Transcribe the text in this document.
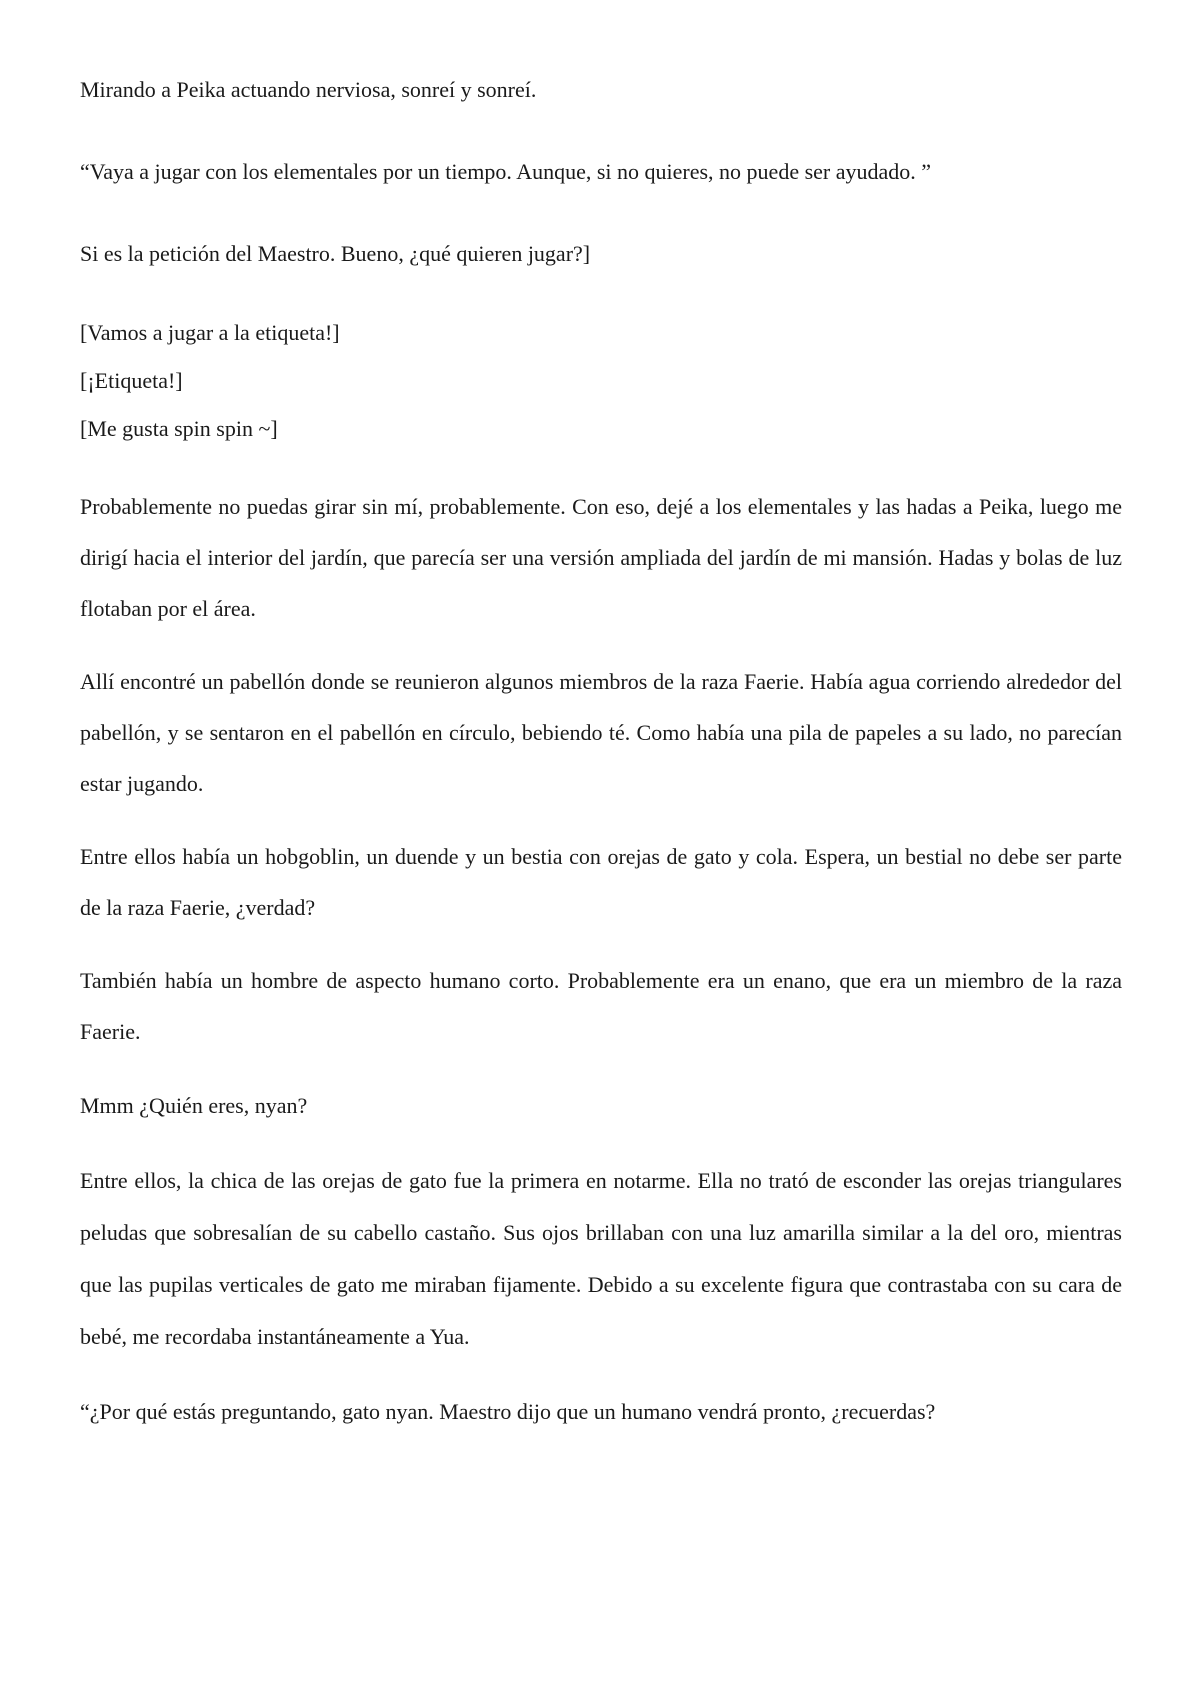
Mirando a Peika actuando nerviosa, sonreí y sonreí.

“Vaya a jugar con los elementales por un tiempo. Aunque, si no quieres, no puede ser ayudado. ”

Si es la petición del Maestro. Bueno, ¿qué quieren jugar?]

[Vamos a jugar a la etiqueta!]

[¡Etiqueta!]

[Me gusta spin spin ~]

Probablemente no puedas girar sin mí, probablemente. Con eso, dejé a los elementales y las hadas a Peika, luego me dirigí hacia el interior del jardín, que parecía ser una versión ampliada del jardín de mi mansión. Hadas y bolas de luz flotaban por el área.

Allí encontré un pabellón donde se reunieron algunos miembros de la raza Faerie. Había agua corriendo alrededor del pabellón, y se sentaron en el pabellón en círculo, bebiendo té. Como había una pila de papeles a su lado, no parecían estar jugando.

Entre ellos había un hobgoblin, un duende y un bestia con orejas de gato y cola. Espera, un bestial no debe ser parte de la raza Faerie, ¿verdad?

También había un hombre de aspecto humano corto. Probablemente era un enano, que era un miembro de la raza Faerie.

Mmm ¿Quién eres, nyan?

Entre ellos, la chica de las orejas de gato fue la primera en notarme. Ella no trató de esconder las orejas triangulares peludas que sobresalían de su cabello castaño. Sus ojos brillaban con una luz amarilla similar a la del oro, mientras que las pupilas verticales de gato me miraban fijamente. Debido a su excelente figura que contrastaba con su cara de bebé, me recordaba instantáneamente a Yua.

“¿Por qué estás preguntando, gato nyan. Maestro dijo que un humano vendrá pronto, ¿recuerdas?
